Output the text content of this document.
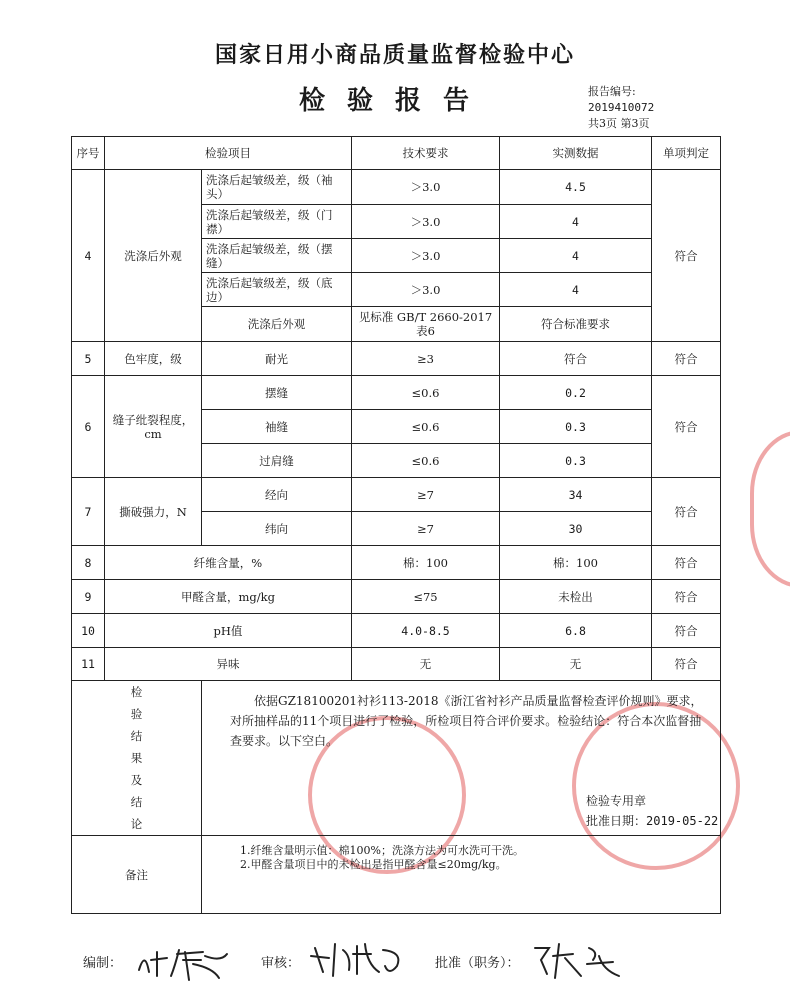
国家日用小商品质量监督检验中心
检验报告	报告编号:
2019410072
共3页 第3页
序号	检验项目		技术要求	实测数据	单项判定
4	洗涤后外观	洗涤后起皱级差，级（袖头）	＞3.0	4.5	符合
		洗涤后起皱级差，级（门襟）	＞3.0	4	
		洗涤后起皱级差，级（摆缝）	＞3.0	4	
		洗涤后起皱级差，级（底边）	＞3.0	4	
		洗涤后外观	见标准 GB/T 2660-2017表6	符合标准要求	
5	色牢度，级	耐光	≥3	符合	符合
6	缝子纰裂程度，cm	摆缝	≤0.6	0.2	符合
		袖缝	≤0.6	0.3	
		过肩缝	≤0.6	0.3	
7	撕破强力，N	经向	≥7	34	符合
		纬向	≥7	30	
8	纤维含量，%		棉：100	棉：100	符合
9	甲醛含量，mg/kg		≤75	未检出	符合
10	pH值		4.0-8.5	6.8	符合
11	异味		无	无	符合

检验结果及结论		依据GZ18100201衬衫113-2018《浙江省衬衫产品质量监督检查评价规则》要求，对所抽样品的11个项目进行了检验，所检项目符合评价要求。检验结论：符合本次监督抽查要求。以下空白。
检验专用章
批准日期：2019-05-22			

备注		1.纤维含量明示值：棉100%；洗涤方法为可水洗可干洗。
2.甲醛含量项目中的未检出是指甲醛含量≤20mg/kg。			
编制：	审核：	批准（职务）：
